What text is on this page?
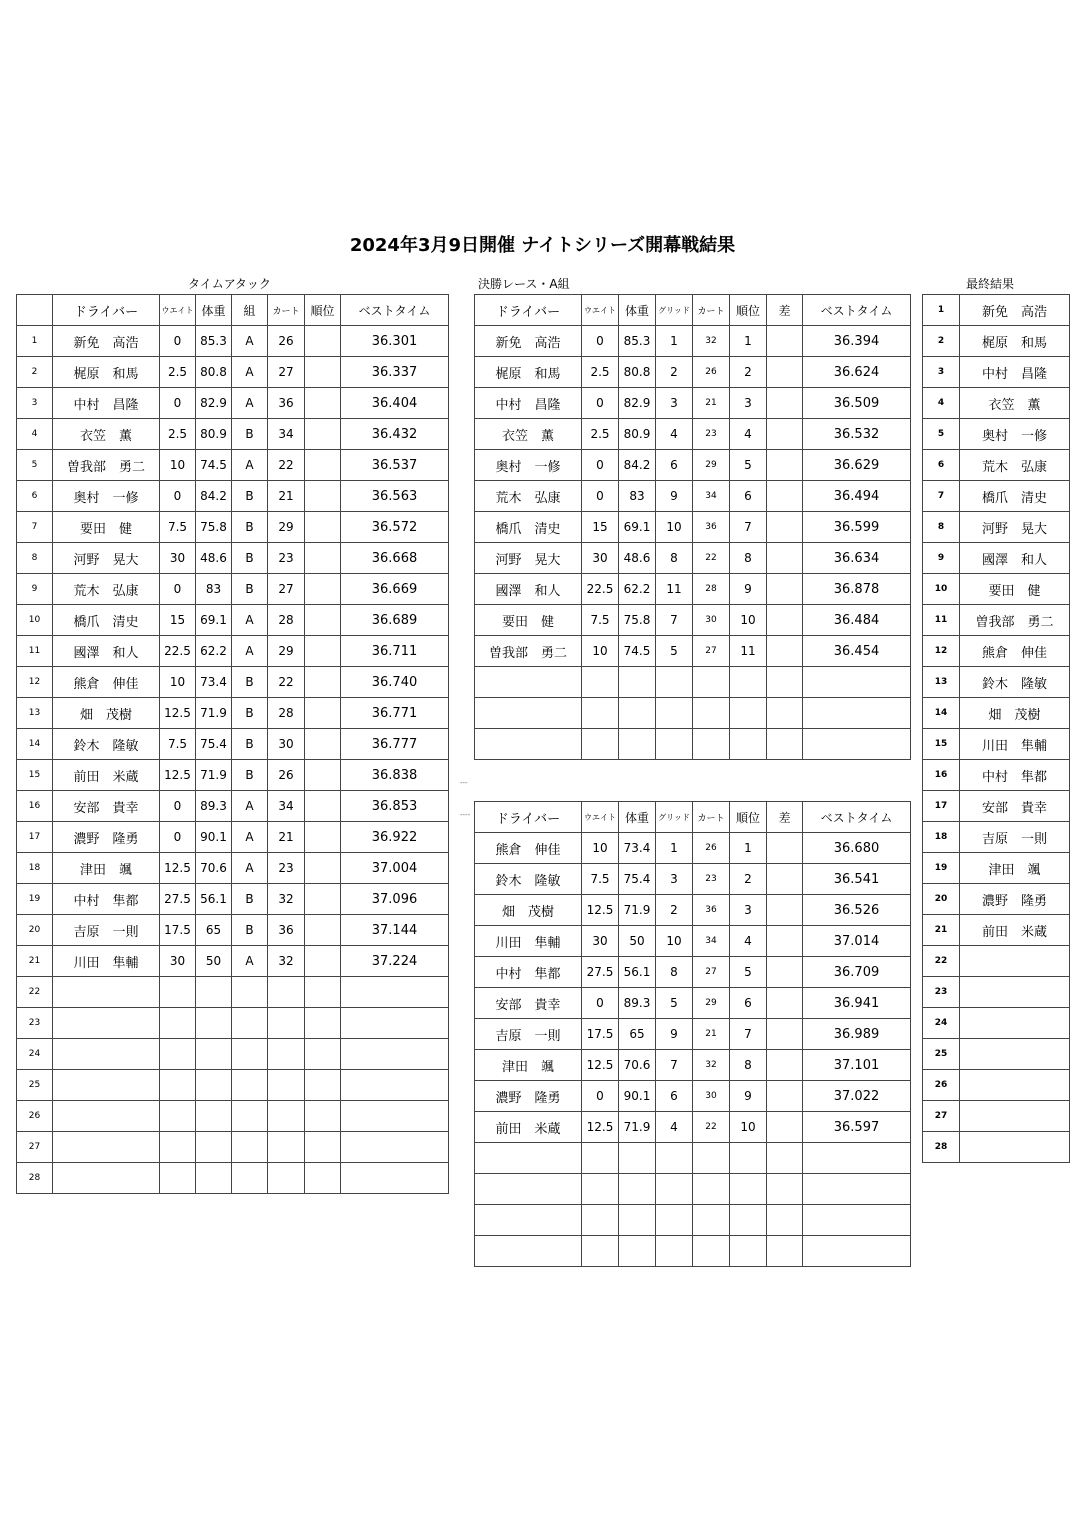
2024年3月9日開催 ナイトシリーズ開幕戦結果
タイムアタック	決勝レース・A組	最終結果
---
----
	ドライバー	ウエイト	体重	組	カート	順位	ベストタイム
1	新免　高浩	0	85.3	A	26		36.301
2	梶原　和馬	2.5	80.8	A	27		36.337
3	中村　昌隆	0	82.9	A	36		36.404
4	衣笠　薫	2.5	80.9	B	34		36.432
5	曽我部　勇二	10	74.5	A	22		36.537
6	奥村　一修	0	84.2	B	21		36.563
7	要田　健	7.5	75.8	B	29		36.572
8	河野　晃大	30	48.6	B	23		36.668
9	荒木　弘康	0	83	B	27		36.669
10	橋爪　清史	15	69.1	A	28		36.689
11	國澤　和人	22.5	62.2	A	29		36.711
12	熊倉　伸佳	10	73.4	B	22		36.740
13	畑　茂樹	12.5	71.9	B	28		36.771
14	鈴木　隆敏	7.5	75.4	B	30		36.777
15	前田　米蔵	12.5	71.9	B	26		36.838
16	安部　貴幸	0	89.3	A	34		36.853
17	濃野　隆勇	0	90.1	A	21		36.922
18	津田　颯	12.5	70.6	A	23		37.004
19	中村　隼都	27.5	56.1	B	32		37.096
20	吉原　一則	17.5	65	B	36		37.144
21	川田　隼輔	30	50	A	32		37.224
22							
23							
24							
25							
26							
27							
28							
ドライバー	ウエイト	体重	グリッド	カート	順位	差	ベストタイム
新免　高浩	0	85.3	1	32	1		36.394
梶原　和馬	2.5	80.8	2	26	2		36.624
中村　昌隆	0	82.9	3	21	3		36.509
衣笠　薫	2.5	80.9	4	23	4		36.532
奥村　一修	0	84.2	6	29	5		36.629
荒木　弘康	0	83	9	34	6		36.494
橋爪　清史	15	69.1	10	36	7		36.599
河野　晃大	30	48.6	8	22	8		36.634
國澤　和人	22.5	62.2	11	28	9		36.878
要田　健	7.5	75.8	7	30	10		36.484
曽我部　勇二	10	74.5	5	27	11		36.454

ドライバー	ウエイト	体重	グリッド	カート	順位	差	ベストタイム
熊倉　伸佳	10	73.4	1	26	1		36.680
鈴木　隆敏	7.5	75.4	3	23	2		36.541
畑　茂樹	12.5	71.9	2	36	3		36.526
川田　隼輔	30	50	10	34	4		37.014
中村　隼都	27.5	56.1	8	27	5		36.709
安部　貴幸	0	89.3	5	29	6		36.941
吉原　一則	17.5	65	9	21	7		36.989
津田　颯	12.5	70.6	7	32	8		37.101
濃野　隆勇	0	90.1	6	30	9		37.022
前田　米蔵	12.5	71.9	4	22	10		36.597

1	新免　高浩
2	梶原　和馬
3	中村　昌隆
4	衣笠　薫
5	奥村　一修
6	荒木　弘康
7	橋爪　清史
8	河野　晃大
9	國澤　和人
10	要田　健
11	曽我部　勇二
12	熊倉　伸佳
13	鈴木　隆敏
14	畑　茂樹
15	川田　隼輔
16	中村　隼都
17	安部　貴幸
18	吉原　一則
19	津田　颯
20	濃野　隆勇
21	前田　米蔵
22	
23	
24	
25	
26	
27	
28	
